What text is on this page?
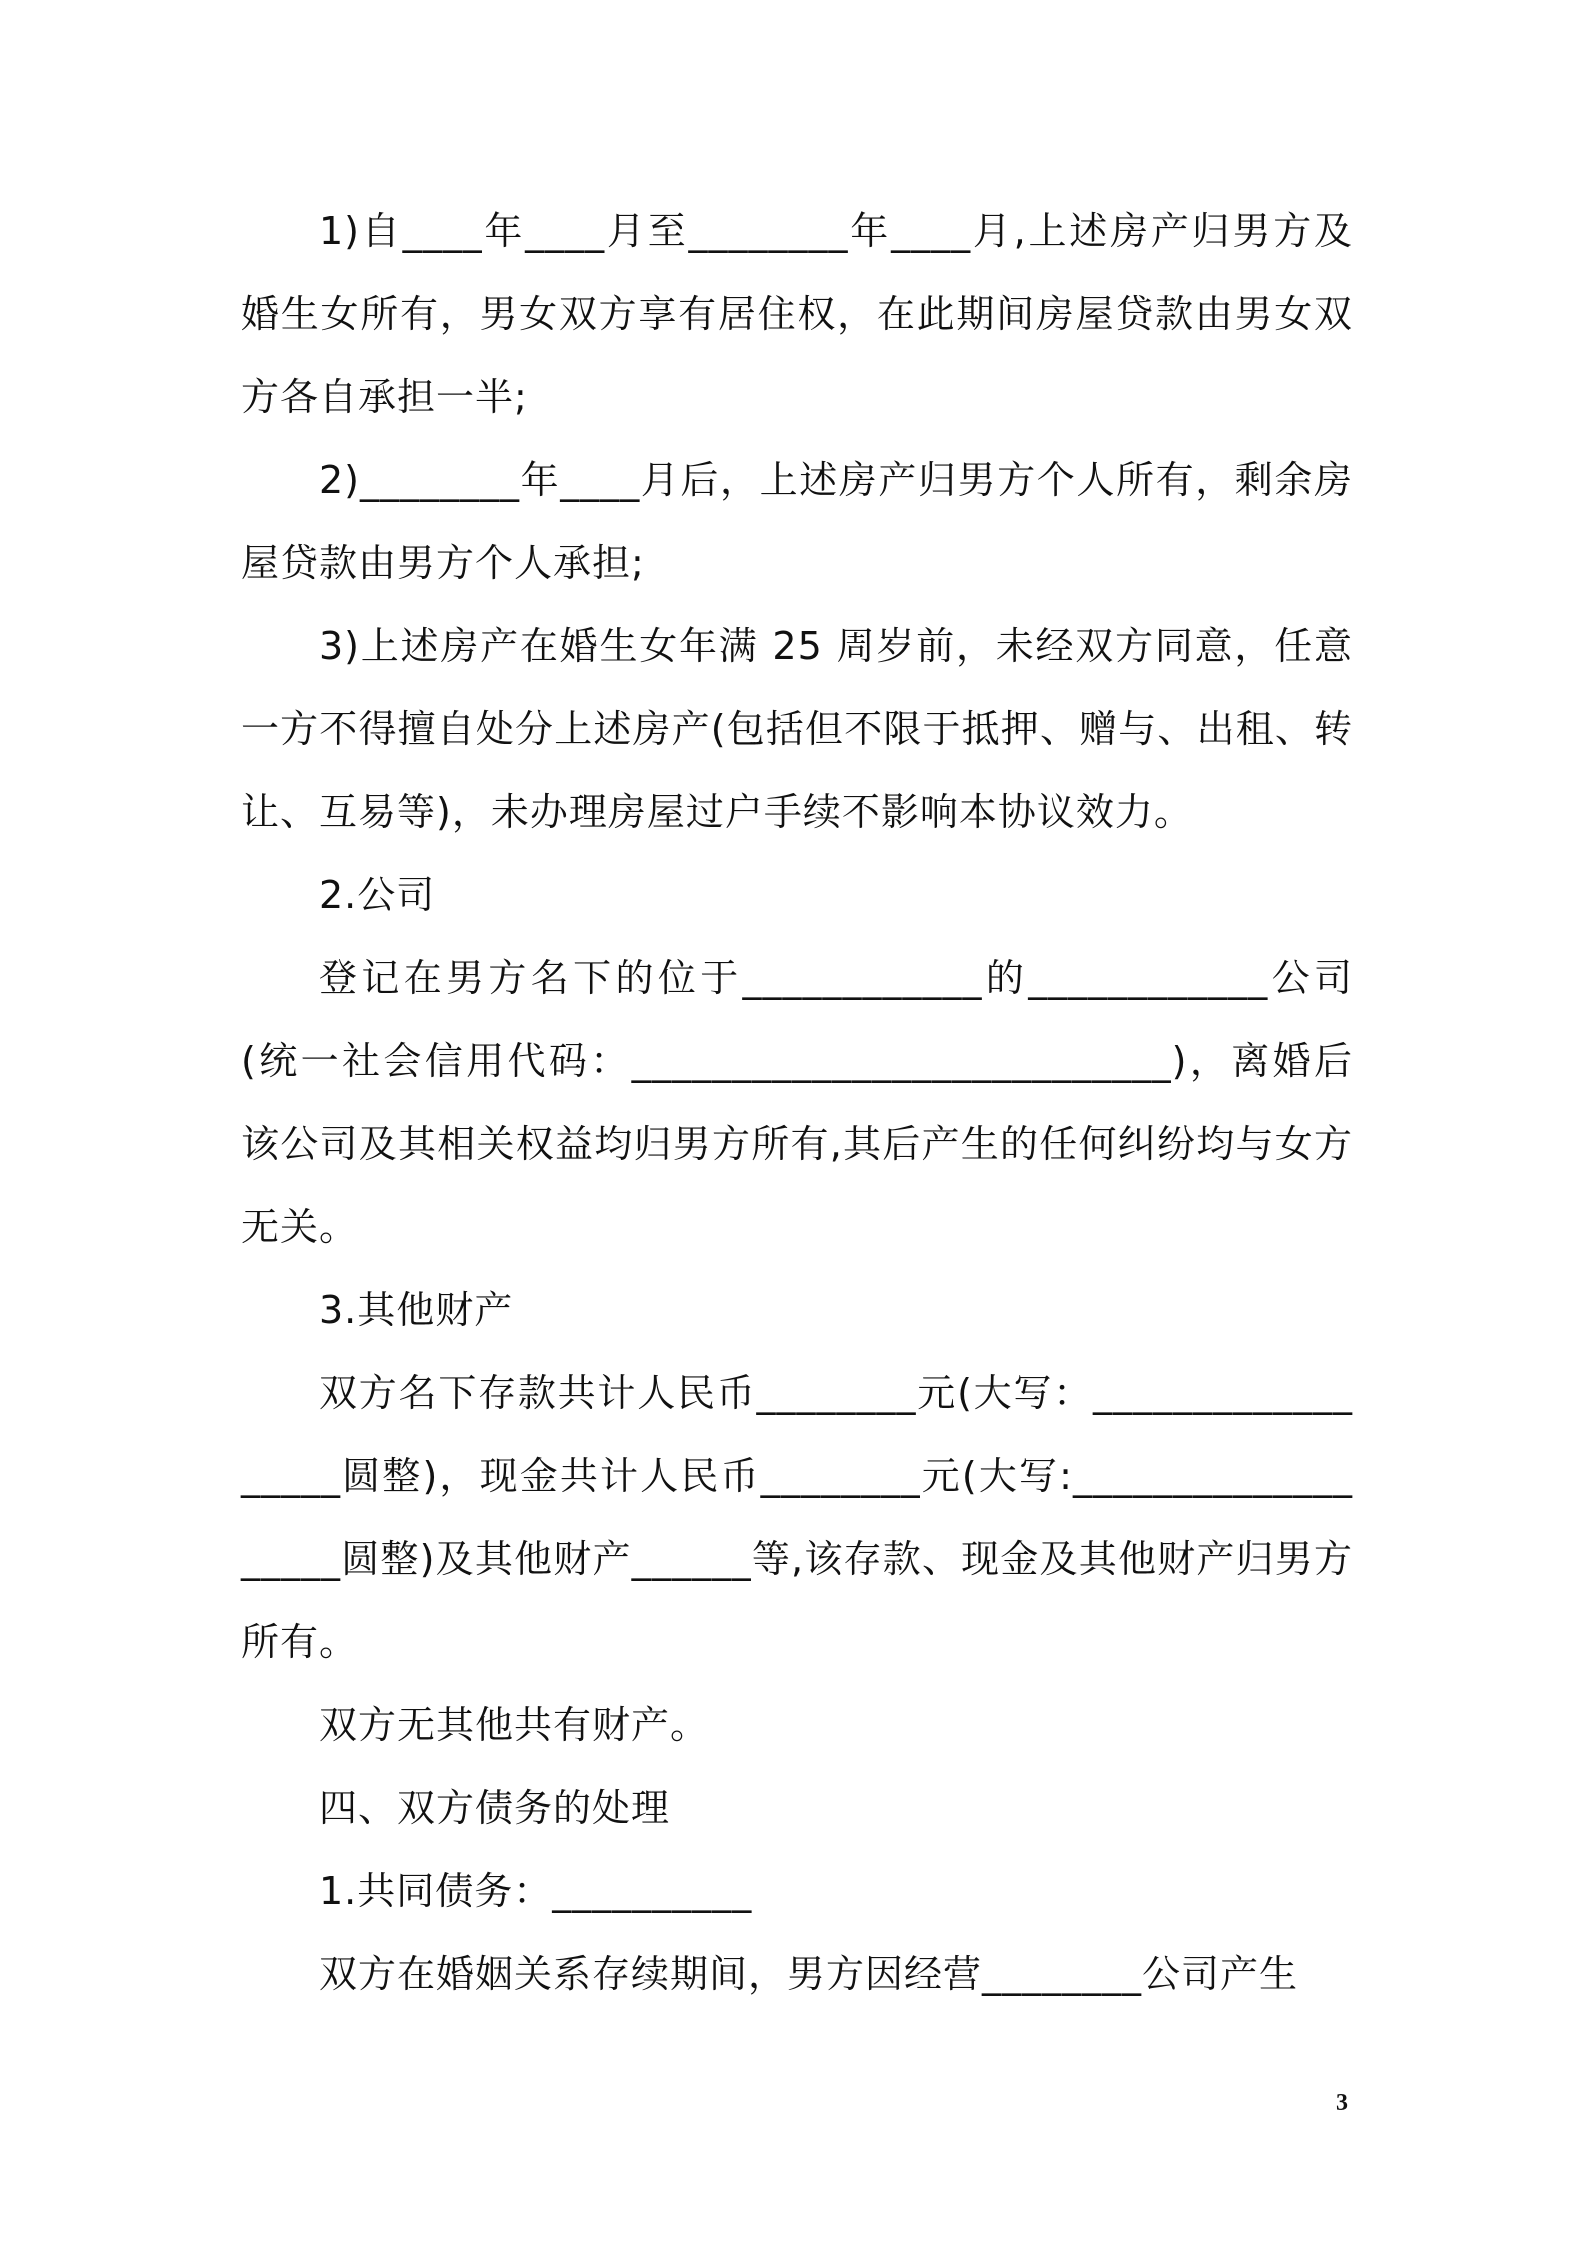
1)自____年____月至________年____月,上述房产归男方及婚生女所有，男女双方享有居住权，在此期间房屋贷款由男女双方各自承担一半;

2)________年____月后，上述房产归男方个人所有，剩余房屋贷款由男方个人承担;

3)上述房产在婚生女年满 25 周岁前，未经双方同意，任意一方不得擅自处分上述房产(包括但不限于抵押、赠与、出租、转让、互易等)，未办理房屋过户手续不影响本协议效力。

2.公司

登记在男方名下的位于____________的____________公司(统一社会信用代码：___________________________)，离婚后该公司及其相关权益均归男方所有,其后产生的任何纠纷均与女方无关。

3.其他财产

双方名下存款共计人民币________元(大写：__________________圆整)，现金共计人民币________元(大写:___________________圆整)及其他财产______等,该存款、现金及其他财产归男方所有。

双方无其他共有财产。

四、双方债务的处理

1.共同债务：__________

双方在婚姻关系存续期间，男方因经营________公司产生

3
